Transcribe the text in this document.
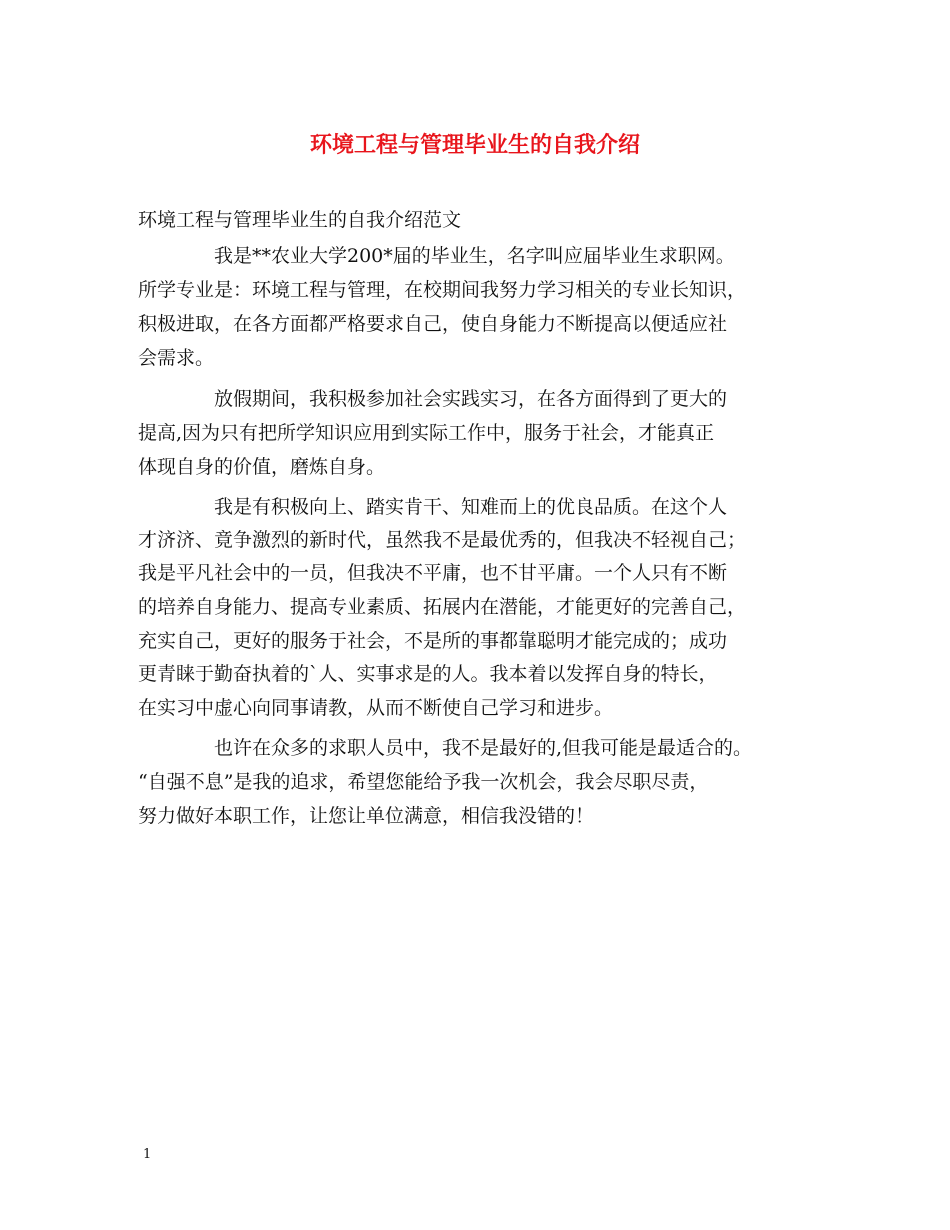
环境工程与管理毕业生的自我介绍

环境工程与管理毕业生的自我介绍范文

我是**农业大学200*届的毕业生，名字叫应届毕业生求职网。

所学专业是：环境工程与管理，在校期间我努力学习相关的专业长知识，

积极进取，在各方面都严格要求自己，使自身能力不断提高以便适应社

会需求。

放假期间，我积极参加社会实践实习，在各方面得到了更大的

提高,因为只有把所学知识应用到实际工作中，服务于社会，才能真正

体现自身的价值，磨炼自身。

我是有积极向上、踏实肯干、知难而上的优良品质。在这个人

才济济、竟争激烈的新时代，虽然我不是最优秀的，但我决不轻视自己；

我是平凡社会中的一员，但我决不平庸，也不甘平庸。一个人只有不断

的培养自身能力、提高专业素质、拓展内在潜能，才能更好的完善自己，

充实自己，更好的服务于社会，不是所的事都靠聪明才能完成的；成功

更青睐于勤奋执着的`人、实事求是的人。我本着以发挥自身的特长，

在实习中虚心向同事请教，从而不断使自己学习和进步。

也许在众多的求职人员中，我不是最好的,但我可能是最适合的。

“自强不息”是我的追求，希望您能给予我一次机会，我会尽职尽责，

努力做好本职工作，让您让单位满意，相信我没错的！

1
